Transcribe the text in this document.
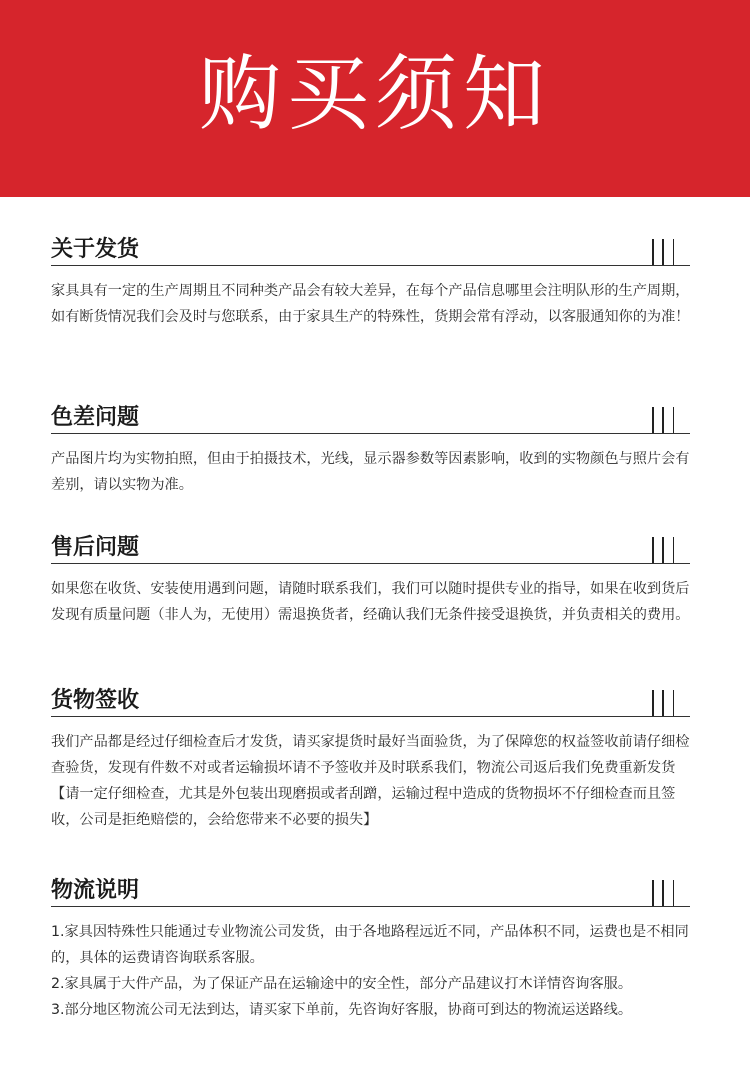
购买须知
关于发货

家具具有一定的生产周期且不同种类产品会有较大差异，在每个产品信息哪里会注明队形的生产周期，如有断货情况我们会及时与您联系，由于家具生产的特殊性，货期会常有浮动，以客服通知你的为准！

色差问题

产品图片均为实物拍照，但由于拍摄技术，光线，显示器参数等因素影响，收到的实物颜色与照片会有差别，请以实物为准。

售后问题

如果您在收货、安装使用遇到问题，请随时联系我们，我们可以随时提供专业的指导，如果在收到货后发现有质量问题（非人为，无使用）需退换货者，经确认我们无条件接受退换货，并负责相关的费用。

货物签收

我们产品都是经过仔细检查后才发货，请买家提货时最好当面验货，为了保障您的权益签收前请仔细检查验货，发现有件数不对或者运输损坏请不予签收并及时联系我们，物流公司返后我们免费重新发货【请一定仔细检查，尤其是外包装出现磨损或者刮蹭，运输过程中造成的货物损坏不仔细检查而且签收，公司是拒绝赔偿的，会给您带来不必要的损失】

物流说明

1.家具因特殊性只能通过专业物流公司发货，由于各地路程远近不同，产品体积不同，运费也是不相同的，具体的运费请咨询联系客服。

2.家具属于大件产品，为了保证产品在运输途中的安全性，部分产品建议打木详情咨询客服。

3.部分地区物流公司无法到达，请买家下单前，先咨询好客服，协商可到达的物流运送路线。
